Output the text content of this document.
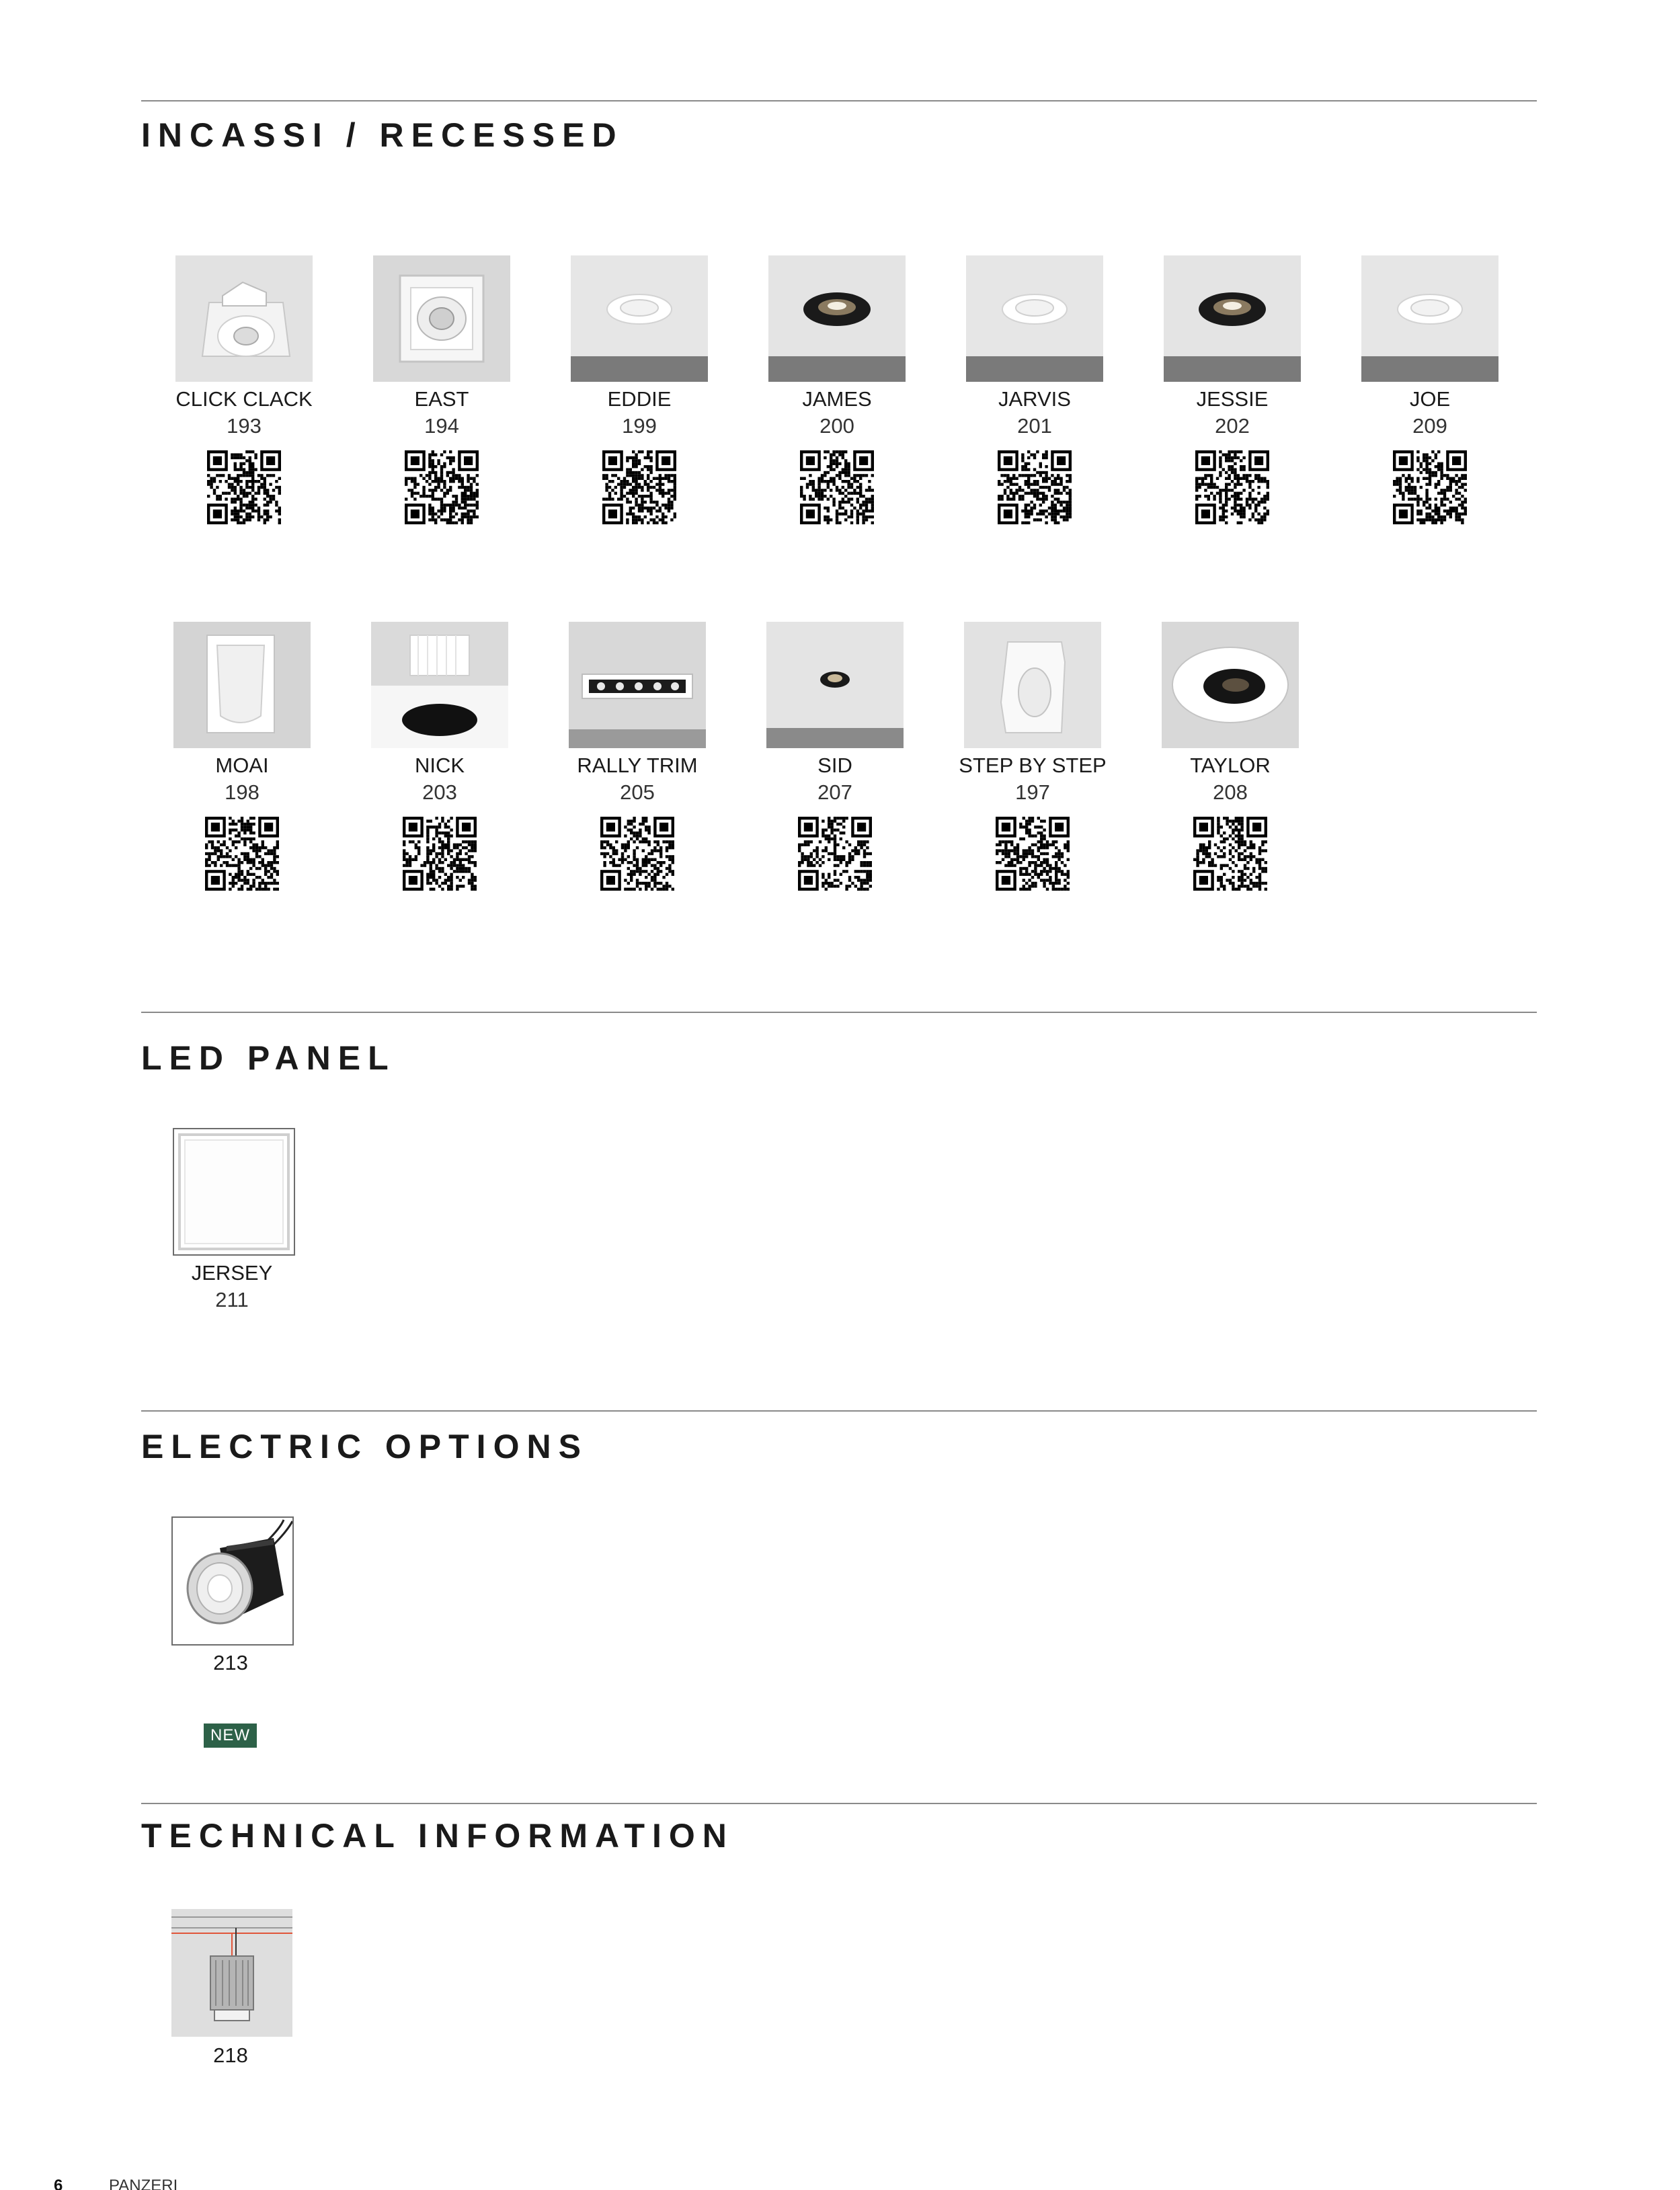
INCASSI / RECESSED
CLICK CLACK
193
EAST
194
EDDIE
199
JAMES
200
JARVIS
201
JESSIE
202
JOE
209
MOAI
198
NICK
203
RALLY TRIM
205
SID
207
STEP BY STEP
197
TAYLOR
208
LED PANEL
JERSEY
211
ELECTRIC OPTIONS
213
NEW
TECHNICAL INFORMATION
218
6	PANZERI
